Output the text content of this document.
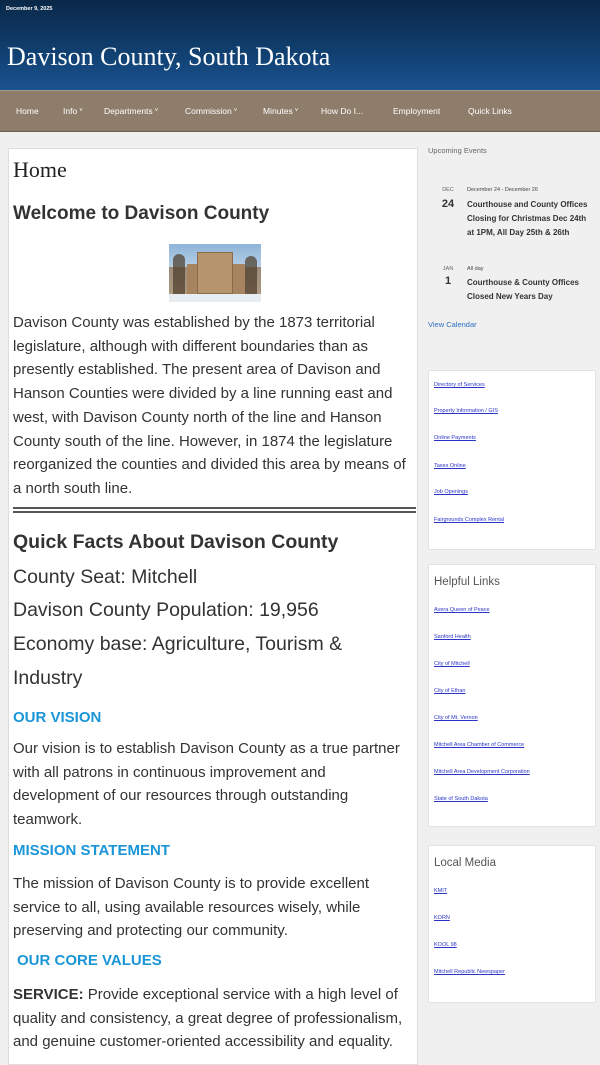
December 9, 2025
Davison County, South Dakota
Home	Info ˅	Departments ˅	Commission ˅	Minutes ˅	How Do I...	Employment	Quick Links
Home
Welcome to Davison County
Davison County was established by the 1873 territorial legislature, although with different boundaries than as presently established. The present area of Davison and Hanson Counties were divided by a line running east and west, with Davison County north of the line and Hanson County south of the line. However, in 1874 the legislature reorganized the counties and divided this area by means of a north south line.
Quick Facts About Davison County
County Seat: Mitchell
Davison County Population: 19,956
Economy base: Agriculture, Tourism & Industry
OUR VISION
Our vision is to establish Davison County as a true partner with all patrons in continuous improvement and development of our resources through outstanding teamwork.
MISSION STATEMENT
The mission of Davison County is to provide excellent service to all, using available resources wisely, while preserving and protecting our community.
OUR CORE VALUES
SERVICE: Provide exceptional service with a high level of quality and consistency, a great degree of professionalism, and genuine customer-oriented accessibility and equality.
Upcoming Events
DEC
24
December 24 - December 26
Courthouse and County Offices Closing for Christmas Dec 24th at 1PM, All Day 25th & 26th
JAN
1
All day
Courthouse & County Offices Closed New Years Day
View Calendar
Directory of Services
Property Information / GIS
Online Payments
Taxes Online
Job Openings
Fairgrounds Complex Rental
Helpful Links
Avera Queen of Peace
Sanford Health
City of Mitchell
City of Ethan
City of Mt. Vernon
Mitchell Area Chamber of Commerce
Mitchell Area Development Corporation
State of South Dakota
Local Media
KMIT
KORN
KOOL 98
Mitchell Republic Newspaper
